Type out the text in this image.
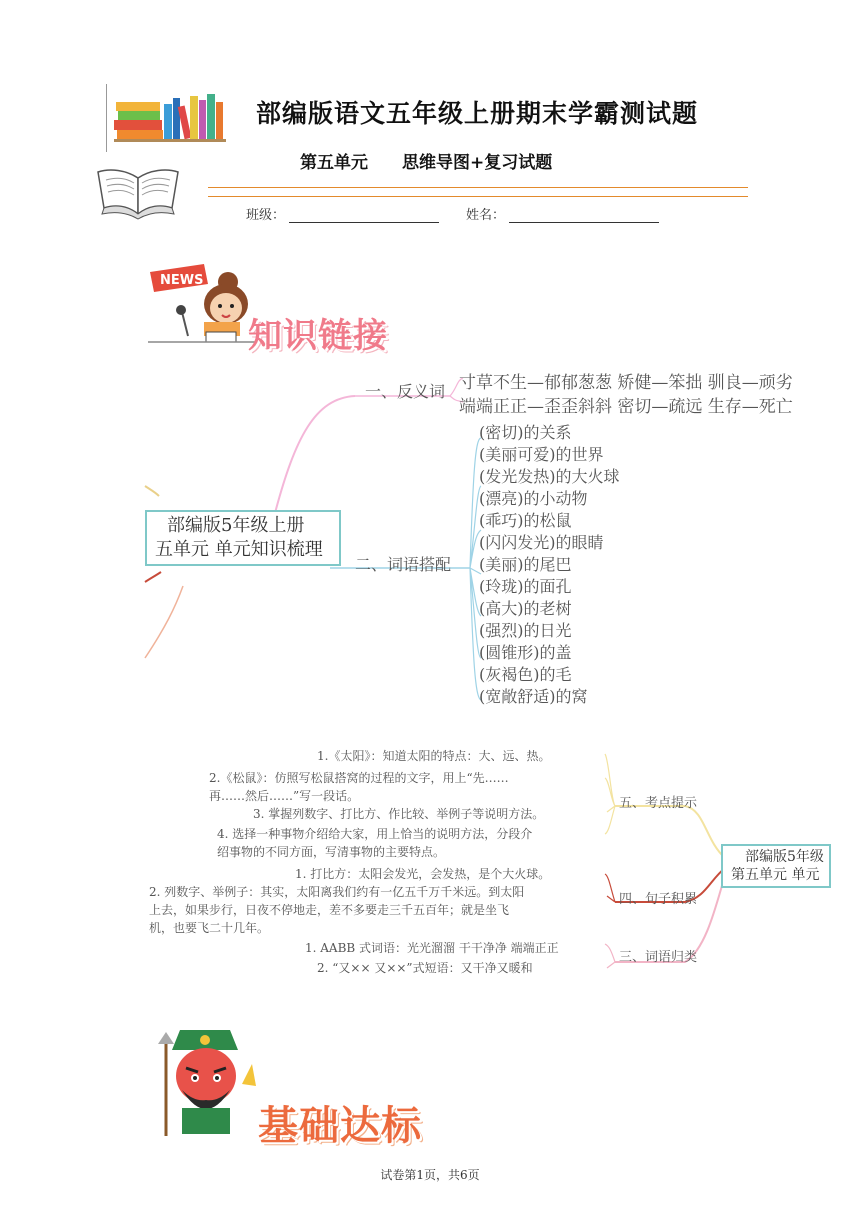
部编版语文五年级上册期末学霸测试题
第五单元　　思维导图+复习试题
班级：	姓名：
NEWS
知识链接
部编版5年级上册
五单元 单元知识梳理
一、反义词 寸草不生—郁郁葱葱 矫健—笨拙 驯良—顽劣
端端正正—歪歪斜斜 密切—疏远 生存—死亡
二、词语搭配
(密切)的关系
(美丽可爱)的世界
(发光发热)的大火球
(漂亮)的小动物
(乖巧)的松鼠
(闪闪发光)的眼睛
(美丽)的尾巴
(玲珑)的面孔
(高大)的老树
(强烈)的日光
(圆锥形)的盖
(灰褐色)的毛
(宽敞舒适)的窝
部编版5年级
第五单元 单元
五、考点提示
四、句子积累
三、词语归类
1.《太阳》：知道太阳的特点：大、远、热。
2.《松鼠》：仿照写松鼠搭窝的过程的文字，用上“先……
再……然后……”写一段话。
3. 掌握列数字、打比方、作比较、举例子等说明方法。
4. 选择一种事物介绍给大家，用上恰当的说明方法，分段介
绍事物的不同方面，写清事物的主要特点。
1. 打比方：太阳会发光，会发热，是个大火球。
2. 列数字、举例子：其实，太阳离我们约有一亿五千万千米远。到太阳
上去，如果步行，日夜不停地走，差不多要走三千五百年；就是坐飞
机，也要飞二十几年。
1. AABB 式词语：光光溜溜 干干净净 端端正正
2. “又×× 又××”式短语：又干净又暖和
基础达标
试卷第1页，共6页
